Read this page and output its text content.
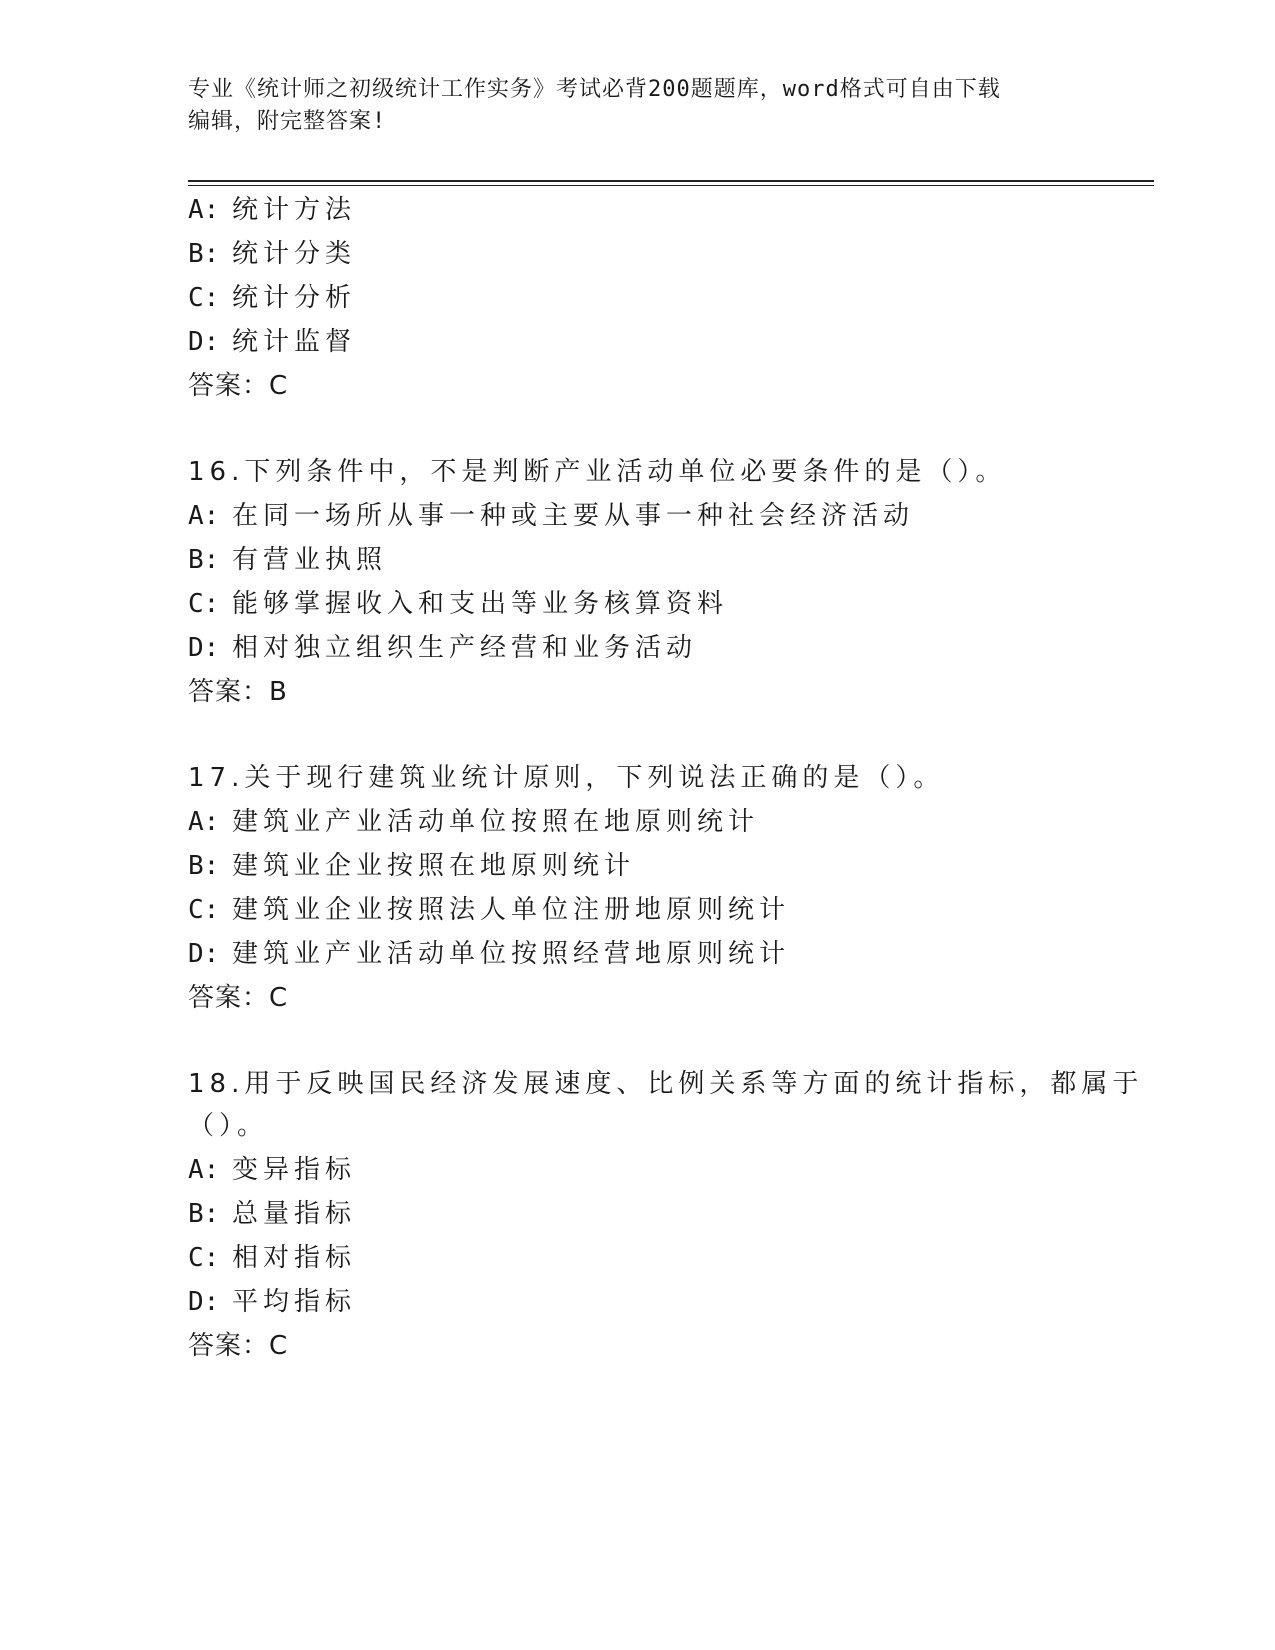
专业《统计师之初级统计工作实务》考试必背200题题库，word格式可自由下载
编辑，附完整答案!
A: 统计方法
B: 统计分类
C: 统计分析
D: 统计监督
答案：C
16.下列条件中，不是判断产业活动单位必要条件的是（）。
A: 在同一场所从事一种或主要从事一种社会经济活动
B: 有营业执照
C: 能够掌握收入和支出等业务核算资料
D: 相对独立组织生产经营和业务活动
答案：B
17.关于现行建筑业统计原则，下列说法正确的是（）。
A: 建筑业产业活动单位按照在地原则统计
B: 建筑业企业按照在地原则统计
C: 建筑业企业按照法人单位注册地原则统计
D: 建筑业产业活动单位按照经营地原则统计
答案：C
18.用于反映国民经济发展速度、比例关系等方面的统计指标，都属于
（）。
A: 变异指标
B: 总量指标
C: 相对指标
D: 平均指标
答案：C
